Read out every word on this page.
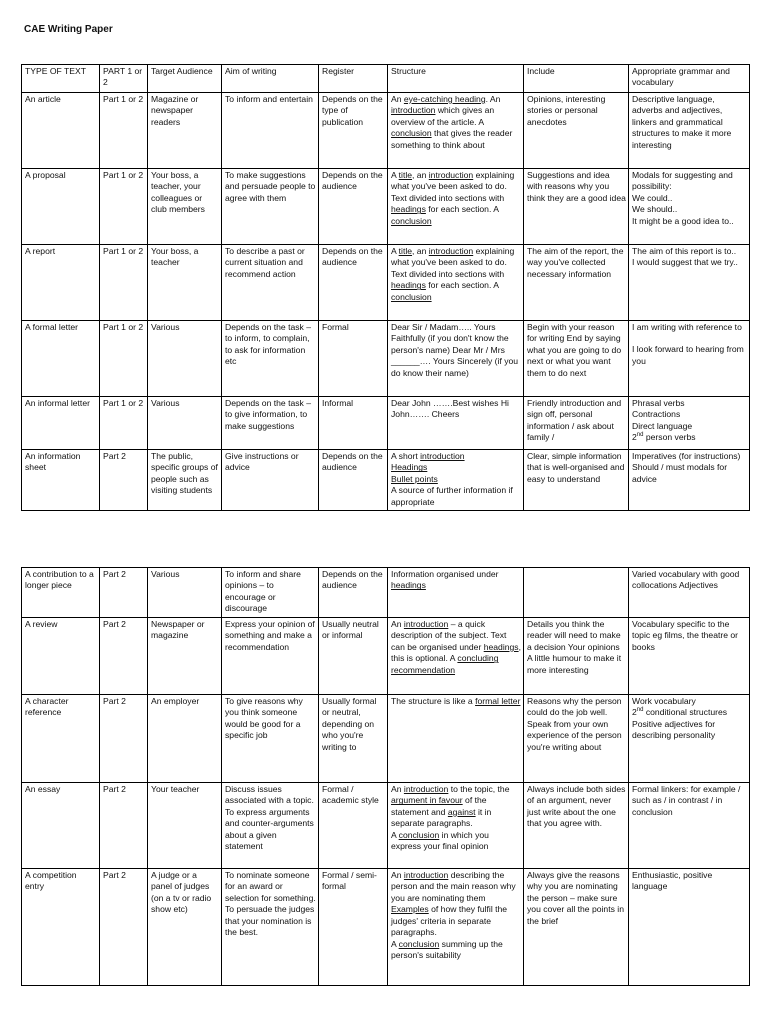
CAE Writing Paper
TYPE OF TEXT	PART 1 or 2	Target Audience	Aim of writing	Register	Structure	Include	Appropriate grammar and vocabulary
An article	Part 1 or 2	Magazine or newspaper readers	To inform and entertain	Depends on the type of publication	An eye-catching heading. An introduction which gives an overview of the article. A conclusion that gives the reader something to think about	Opinions, interesting stories or personal anecdotes	Descriptive language, adverbs and adjectives, linkers and grammatical structures to make it more interesting
A proposal	Part 1 or 2	Your boss, a teacher, your colleagues or club members	To make suggestions and persuade people to agree with them	Depends on the audience	A title, an introduction explaining what you've been asked to do. Text divided into sections with headings for each section. A conclusion	Suggestions and idea with reasons why you think they are a good idea	Modals for suggesting and possibility:
We could..
We should..
It might be a good idea to..

A report	Part 1 or 2	Your boss, a teacher	To describe a past or current situation and recommend action	Depends on the audience	A title, an introduction explaining what you've been asked to do. Text divided into sections with headings for each section. A conclusion	The aim of the report, the way you've collected necessary information	The aim of this report is to..
I would suggest that we try..

A formal letter	Part 1 or 2	Various	Depends on the task – to inform, to complain, to ask for information etc	Formal	Dear Sir / Madam….. Yours Faithfully (if you don't know the person's name) Dear Mr / Mrs ______…. Yours Sincerely (if you do know their name)	Begin with your reason for writing End by saying what you are going to do next or what you want them to do next	I am writing with reference to
I look forward to hearing from you

An informal letter	Part 1 or 2	Various	Depends on the task – to give information, to make suggestions	Informal	Dear John …….Best wishes Hi John……. Cheers	Friendly introduction and sign off, personal information / ask about family /	Phrasal verbs
Contractions
Direct language
2nd person verbs

An information sheet	Part 2	The public, specific groups of people such as visiting students	Give instructions or advice	Depends on the audience	A short introduction
Headings
Bullet points
A source of further information if appropriate	Clear, simple information that is well-organised and easy to understand	Imperatives (for instructions) Should / must modals for advice
A contribution to a longer piece	Part 2	Various	To inform and share opinions – to encourage or discourage	Depends on the audience	Information organised under headings		Varied vocabulary with good collocations Adjectives
A review	Part 2	Newspaper or magazine	Express your opinion of something and make a recommendation	Usually neutral or informal	An introduction – a quick description of the subject. Text can be organised under headings, this is optional. A concluding recommendation	Details you think the reader will need to make a decision Your opinions A little humour to make it more interesting	Vocabulary specific to the topic eg films, the theatre or books
A character reference	Part 2	An employer	To give reasons why you think someone would be good for a specific job	Usually formal or neutral, depending on who you're writing to	The structure is like a formal letter	Reasons why the person could do the job well. Speak from your own experience of the person you're writing about	Work vocabulary
2nd conditional structures
Positive adjectives for describing personality

An essay	Part 2	Your teacher	Discuss issues associated with a topic. To express arguments and counter-arguments about a given statement	Formal / academic style	An introduction to the topic, the argument in favour of the statement and against it in separate paragraphs.
A conclusion in which you express your final opinion	Always include both sides of an argument, never just write about the one that you agree with.	Formal linkers: for example / such as / in contrast / in conclusion
A competition entry	Part 2	A judge or a panel of judges (on a tv or radio show etc)	To nominate someone for an award or selection for something. To persuade the judges that your nomination is the best.	Formal / semi-formal	An introduction describing the person and the main reason why you are nominating them Examples of how they fulfil the judges' criteria in separate paragraphs.
A conclusion summing up the person's suitability	Always give the reasons why you are nominating the person – make sure you cover all the points in the brief	Enthusiastic, positive language
